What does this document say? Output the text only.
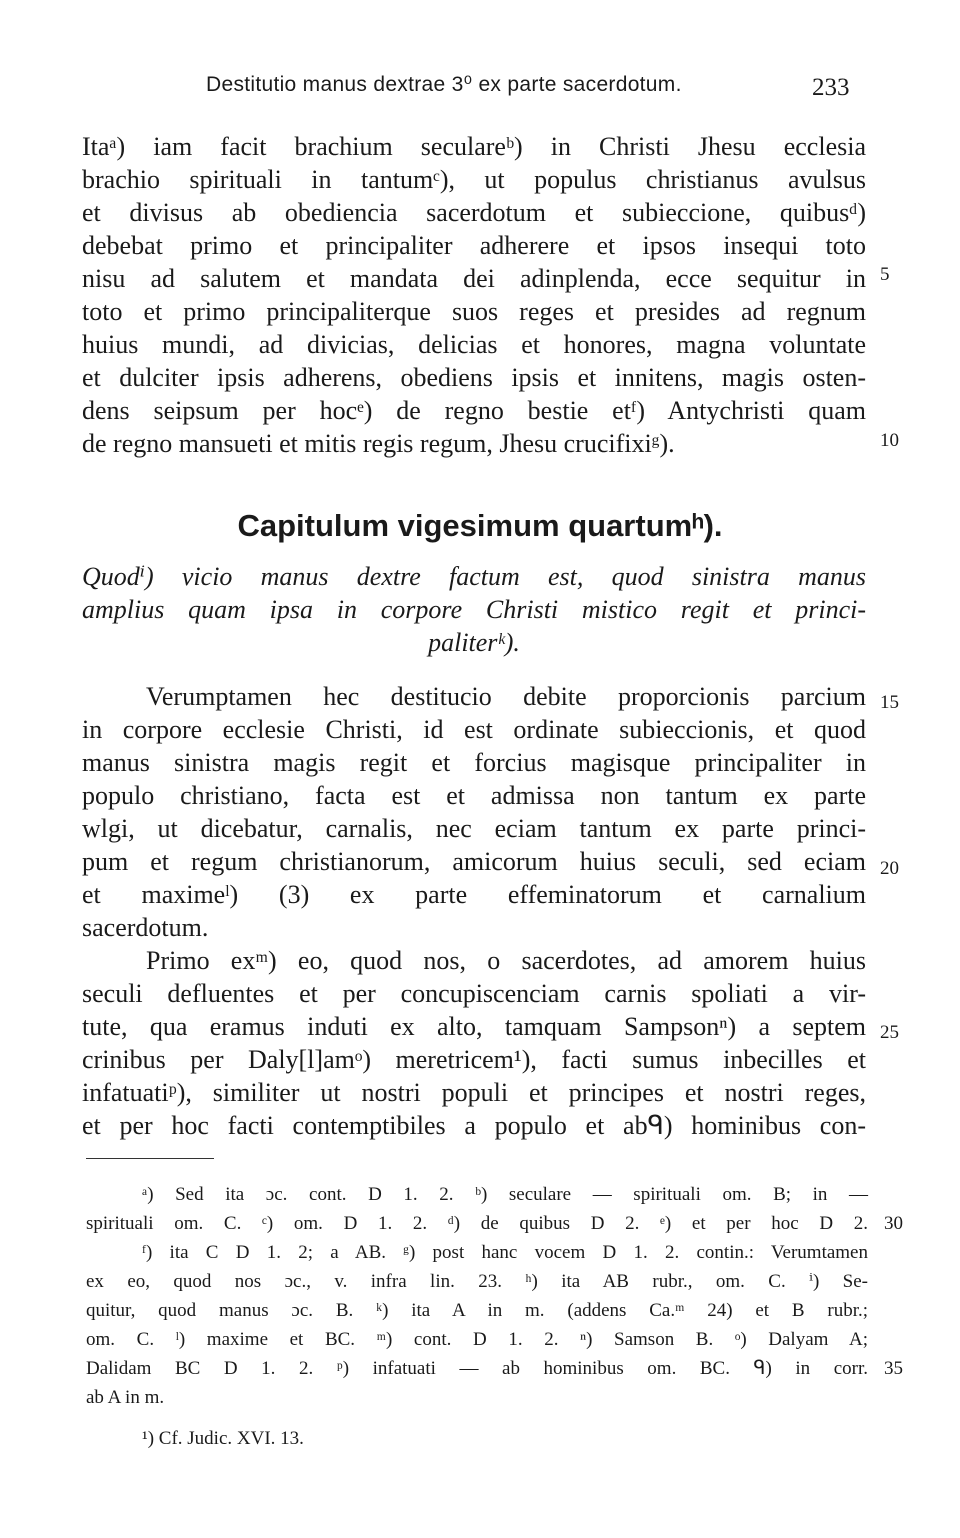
Destitutio manus dextrae 3⁰ ex parte sacerdotum.	233
Itaᵃ) iam facit brachium seculareᵇ) in Christi Jhesu ecclesia
brachio spirituali in tantumᶜ), ut populus christianus avulsus
et divisus ab obediencia sacerdotum et subieccione, quibusᵈ)
debebat primo et principaliter adherere et ipsos insequi toto
nisu ad salutem et mandata dei adinplenda, ecce sequitur in
toto et primo principaliterque suos reges et presides ad regnum
huius mundi, ad divicias, delicias et honores, magna voluntate
et dulciter ipsis adherens, obediens ipsis et innitens, magis osten-
dens seipsum per hocᵉ) de regno bestie etᶠ) Antychristi quam
de regno mansueti et mitis regis regum, Jhesu crucifixiᵍ).
5
10
Capitulum vigesimum quartumʰ).
Quodⁱ) vicio manus dextre factum est, quod sinistra manus
amplius quam ipsa in corpore Christi mistico regit et princi-
paliterᵏ).
Verumptamen hec destitucio debite proporcionis parcium
in corpore ecclesie Christi, id est ordinate subieccionis, et quod
manus sinistra magis regit et forcius magisque principaliter in
populo christiano, facta est et admissa non tantum ex parte
wlgi, ut dicebatur, carnalis, nec eciam tantum ex parte princi-
pum et regum christianorum, amicorum huius seculi, sed eciam
et maximeˡ) (3) ex parte effeminatorum et carnalium
sacerdotum.
15
20
Primo exᵐ) eo, quod nos, o sacerdotes, ad amorem huius
seculi defluentes et per concupiscenciam carnis spoliati a vir-
tute, qua eramus induti ex alto, tamquam Sampsonⁿ) a septem
crinibus per Daly[l]amᵒ) meretricem¹), facti sumus inbecilles et
infatuatiᵖ), similiter ut nostri populi et principes et nostri reges,
et per hoc facti contemptibiles a populo et abᑫ) hominibus con-
25
ᵃ) Sed ita ɔc. cont. D 1. 2. ᵇ) seculare — spirituali om. B; in —
spirituali om. C. ᶜ) om. D 1. 2. ᵈ) de quibus D 2. ᵉ) et per hoc D 2.
ᶠ) ita C D 1. 2; a AB. ᵍ) post hanc vocem D 1. 2. contin.: Verumtamen
ex eo, quod nos ɔc., v. infra lin. 23. ʰ) ita AB rubr., om. C. ⁱ) Se-
quitur, quod manus ɔc. B. ᵏ) ita A in m. (addens Ca.ᵐ 24) et B rubr.;
om. C. ˡ) maxime et BC. ᵐ) cont. D 1. 2. ⁿ) Samson B. ᵒ) Dalyam A;
Dalidam BC D 1. 2. ᵖ) infatuati — ab hominibus om. BC. ᑫ) in corr.
ab A in m.
30
35
¹) Cf. Judic. XVI. 13.
